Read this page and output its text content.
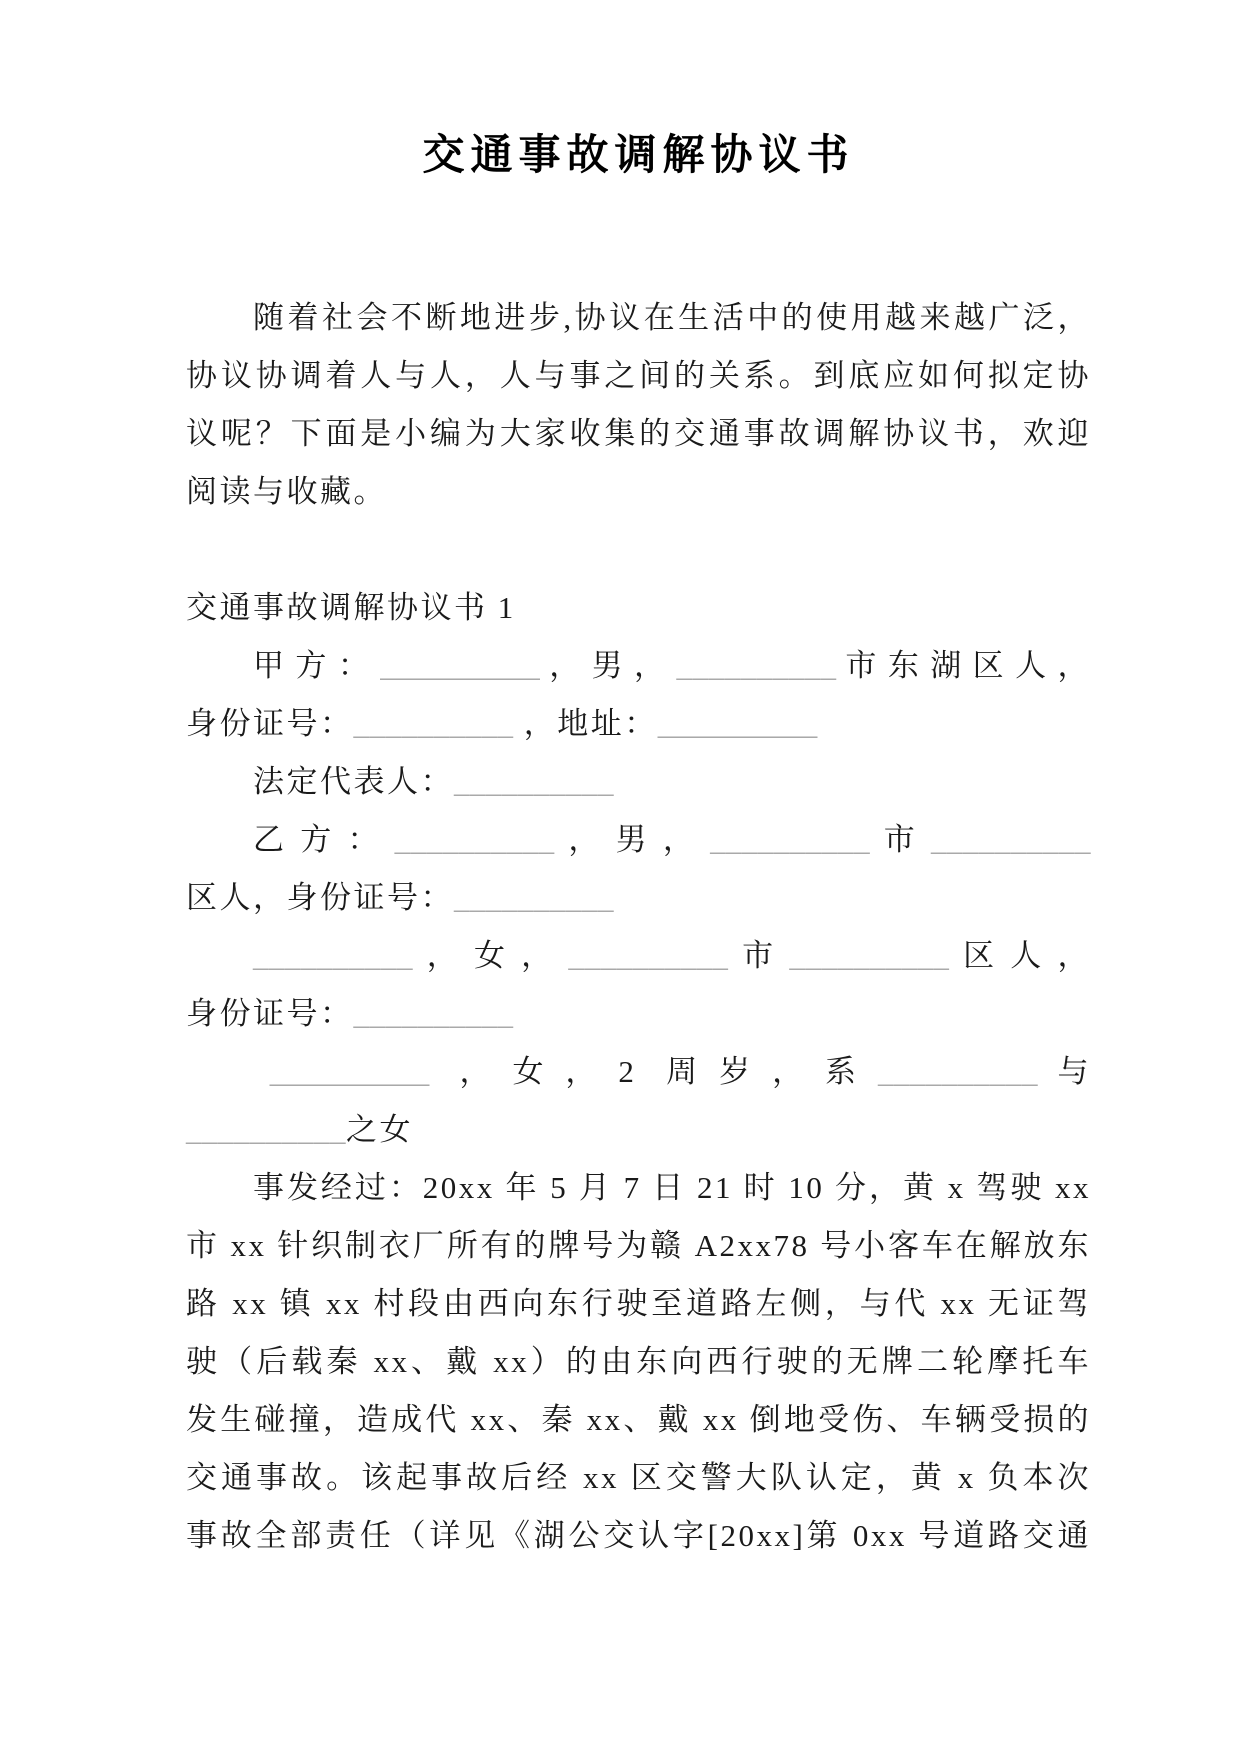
交通事故调解协议书
随着社会不断地进步,协议在生活中的使用越来越广泛，
协议协调着人与人，人与事之间的关系。到底应如何拟定协
议呢？下面是小编为大家收集的交通事故调解协议书，欢迎
阅读与收藏。
交通事故调解协议书 1
甲方：__________，男，__________市东湖区人，
身份证号：__________ ，地址：__________
法定代表人：__________
乙方：__________，男，__________市__________
区人，身份证号：__________
__________，女，__________市__________区人，
身份证号：__________
__________ ，女，2 周岁，系__________与
__________之女
事发经过：20xx 年 5 月 7 日 21 时 10 分，黄 x 驾驶 xx
市 xx 针织制衣厂所有的牌号为赣 A2xx78 号小客车在解放东
路 xx 镇 xx 村段由西向东行驶至道路左侧，与代 xx 无证驾
驶（后载秦 xx、戴 xx）的由东向西行驶的无牌二轮摩托车
发生碰撞，造成代 xx、秦 xx、戴 xx 倒地受伤、车辆受损的
交通事故。该起事故后经 xx 区交警大队认定，黄 x 负本次
事故全部责任（详见《湖公交认字[20xx]第 0xx 号道路交通
